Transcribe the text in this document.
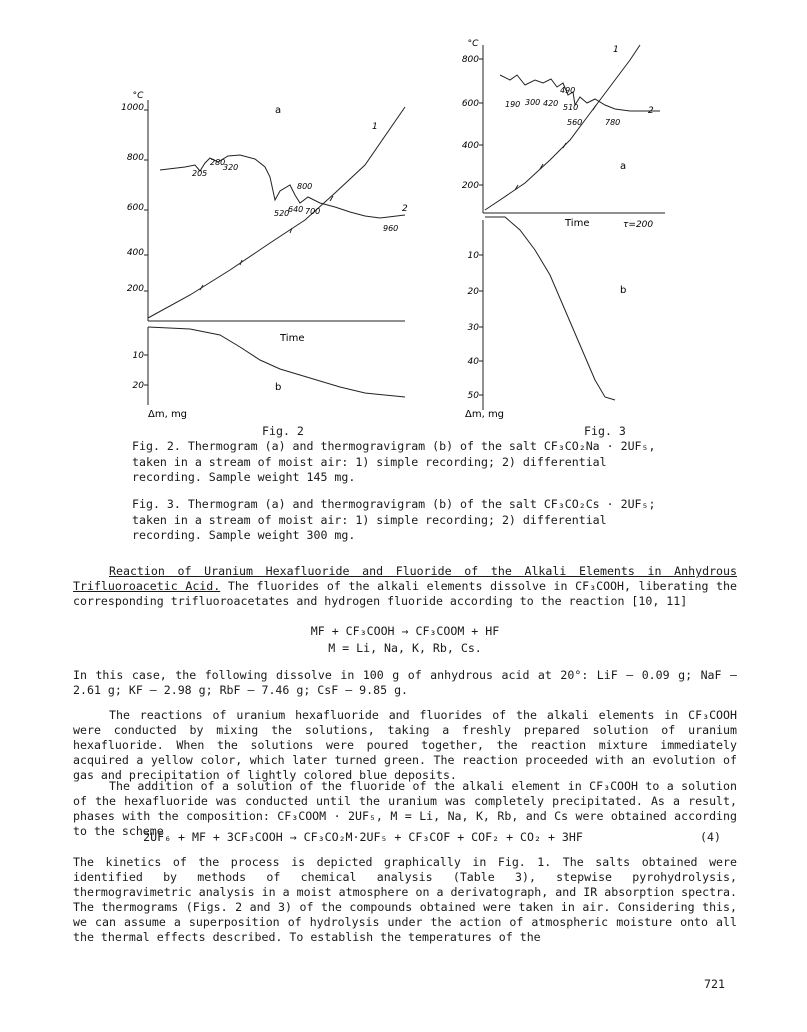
1000
800
600
400
200
°C
10
20
a
b
1
2
Time
205
280
320
800
520
640 700
960
Δm, mg
800
600
400
200
°C
10
20
30
40
50
a
b
1
2
Time	τ=200
490
190 300 420 510
560	780
Δm, mg
Fig. 2	Fig. 3
Fig. 2. Thermogram (a) and thermogravigram (b) of the salt CF₃CO₂Na · 2UF₅, taken in a stream of moist air: 1) simple recording; 2) differential recording. Sample weight 145 mg.
Fig. 3. Thermogram (a) and thermogravigram (b) of the salt CF₃CO₂Cs · 2UF₅; taken in a stream of moist air: 1) simple recording; 2) differential recording. Sample weight 300 mg.
Reaction of Uranium Hexafluoride and Fluoride of the Alkali Elements in Anhydrous Trifluoroacetic Acid. The fluorides of the alkali elements dissolve in CF₃COOH, liberating the corresponding trifluoroacetates and hydrogen fluoride according to the reaction [10, 11]
MF + CF₃COOH → CF₃COOM + HF
M = Li, Na, K, Rb, Cs.
In this case, the following dissolve in 100 g of anhydrous acid at 20°: LiF – 0.09 g; NaF – 2.61 g; KF – 2.98 g; RbF – 7.46 g; CsF – 9.85 g.
The reactions of uranium hexafluoride and fluorides of the alkali elements in CF₃COOH were conducted by mixing the solutions, taking a freshly prepared solution of uranium hexafluoride. When the solutions were poured together, the reaction mixture immediately acquired a yellow color, which later turned green. The reaction proceeded with an evolution of gas and precipitation of lightly colored blue deposits.
The addition of a solution of the fluoride of the alkali element in CF₃COOH to a solution of the hexafluoride was conducted until the uranium was completely precipitated. As a result, phases with the composition: CF₃COOM · 2UF₅, M = Li, Na, K, Rb, and Cs were obtained according to the scheme
2UF₆ + MF + 3CF₃COOH → CF₃CO₂M·2UF₅ + CF₃COF + COF₂ + CO₂ + 3HF	(4)
The kinetics of the process is depicted graphically in Fig. 1. The salts obtained were identified by methods of chemical analysis (Table 3), stepwise pyrohydrolysis, thermogravimetric analysis in a moist atmosphere on a derivatograph, and IR absorption spectra. The thermograms (Figs. 2 and 3) of the compounds obtained were taken in air. Considering this, we can assume a superposition of hydrolysis under the action of atmospheric moisture onto all the thermal effects described. To establish the temperatures of the
721
